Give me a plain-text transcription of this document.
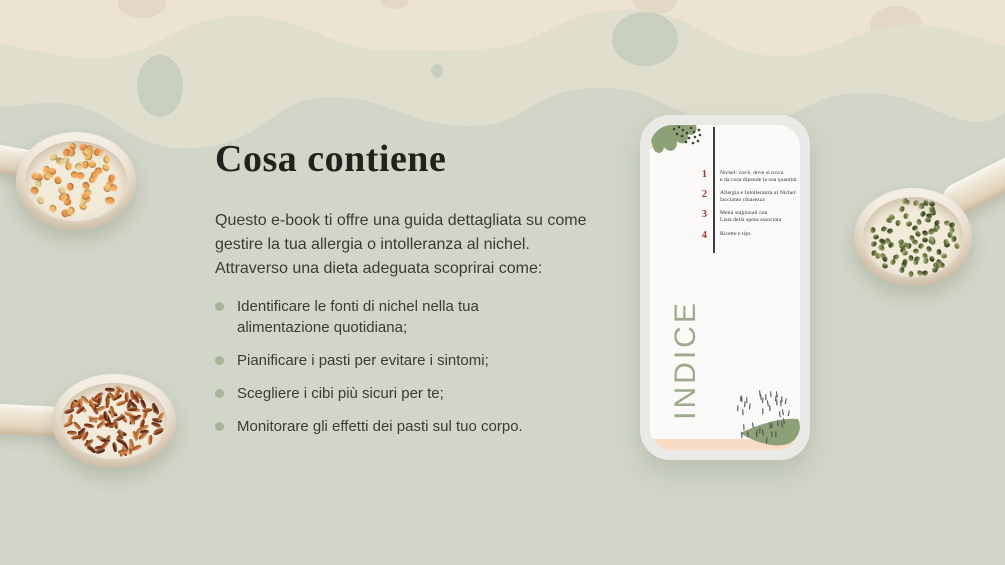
Cosa contiene

Questo e-book ti offre una guida dettagliata su come
gestire la tua allergia o intolleranza al nichel.
Attraverso una dieta adeguata scoprirai come:

Identificare le fonti di nichel nella tua
alimentazione quotidiana;
Pianificare i pasti per evitare i sintomi;
Scegliere i cibi più sicuri per te;
Monitorare gli effetti dei pasti sul tuo corpo.
1 Nichel: cos'è, dove si trova
e da cosa dipende la sua quantità
2 Allergia e Intolleranza al Nichel:
facciamo chiarezza
3 Menù stagionali con
Lista della spesa associata
4 Ricette e tips
INDICE
